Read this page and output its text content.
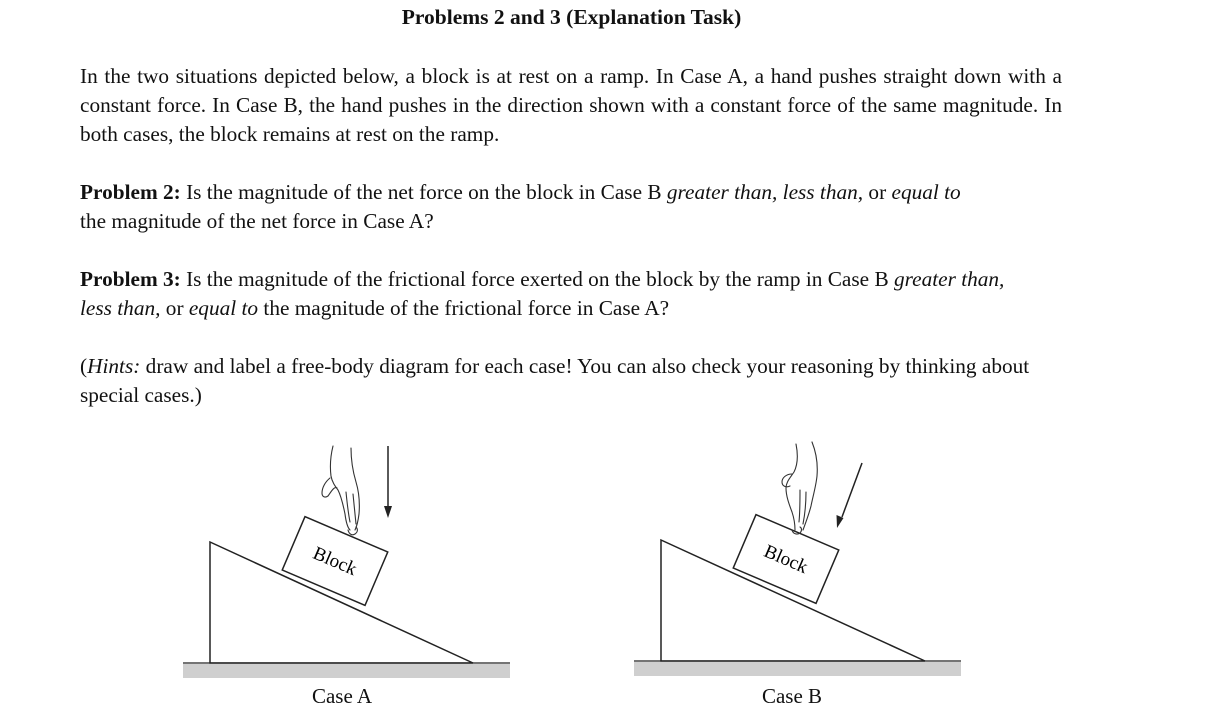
Problems 2 and 3 (Explanation Task)

In the two situations depicted below, a block is at rest on a ramp. In Case A, a hand pushes straight down with a constant force. In Case B, the hand pushes in the direction shown with a constant force of the same magnitude. In both cases, the block remains at rest on the ramp.

Problem 2: Is the magnitude of the net force on the block in Case B greater than, less than, or equal to the magnitude of the net force in Case A?

Problem 3: Is the magnitude of the frictional force exerted on the block by the ramp in Case B greater than, less than, or equal to the magnitude of the frictional force in Case A?

(Hints: draw and label a free-body diagram for each case! You can also check your reasoning by thinking about special cases.)

Block
Case A
Block
Case B
